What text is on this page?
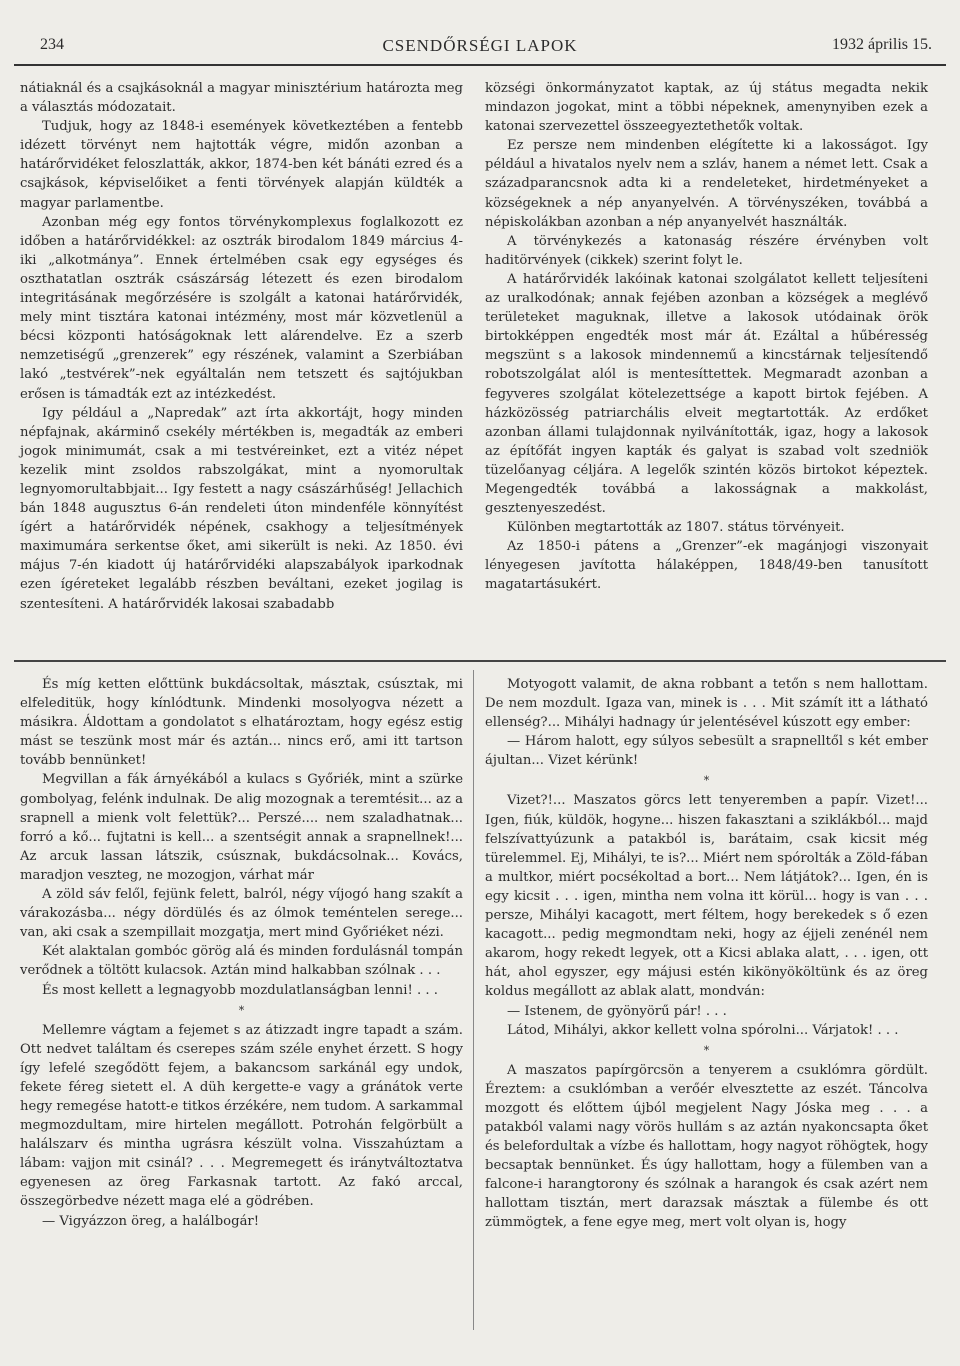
234	CSENDŐRSÉGI LAPOK	1932 április 15.

nátiaknál és a csajkásoknál a magyar minisztérium határozta meg a választás módozatait.

Tudjuk, hogy az 1848-i események következtében a fentebb idézett törvényt nem hajtották végre, midőn azonban a határőrvidéket feloszlatták, akkor, 1874-ben két bánáti ezred és a csajkások, képviselőiket a fenti törvények alapján küldték a magyar parlamentbe.

Azonban még egy fontos törvénykomplexus foglalkozott ez időben a határőrvidékkel: az osztrák birodalom 1849 március 4-iki „alkotmánya”. Ennek értelmében csak egy egységes és oszthatatlan osztrák császárság létezett és ezen birodalom integritásának megőrzésére is szolgált a katonai határőrvidék, mely mint tisztára katonai intézmény, most már közvetlenül a bécsi központi hatóságoknak lett alárendelve. Ez a szerb nemzetiségű „grenzerek” egy részének, valamint a Szerbiában lakó „testvérek”-nek egyáltalán nem tetszett és sajtójukban erősen is támadták ezt az intézkedést.

Igy például a „Napredak” azt írta akkortájt, hogy minden népfajnak, akárminő csekély mértékben is, megadták az emberi jogok minimumát, csak a mi testvéreinket, ezt a vitéz népet kezelik mint zsoldos rabszolgákat, mint a nyomorultak legnyomorultabbjait... Igy festett a nagy császárhűség! Jellachich bán 1848 augusztus 6-án rendeleti úton mindenféle könnyítést ígért a határőrvidék népének, csakhogy a teljesítmények maximumára serkentse őket, ami sikerült is neki. Az 1850. évi május 7-én kiadott új határőrvidéki alapszabályok iparkodnak ezen ígéreteket legalább részben beváltani, ezeket jogilag is szentesíteni. A határőrvidék lakosai szabadabb

községi önkormányzatot kaptak, az új státus megadta nekik mindazon jogokat, mint a többi népeknek, amenynyiben ezek a katonai szervezettel összeegyeztethetők voltak.

Ez persze nem mindenben elégítette ki a lakosságot. Igy például a hivatalos nyelv nem a szláv, hanem a német lett. Csak a századparancsnok adta ki a rendeleteket, hirdetményeket a községeknek a nép anyanyelvén. A törvényszéken, továbbá a népiskolákban azonban a nép anyanyelvét használták.

A törvénykezés a katonaság részére érvényben volt haditörvények (cikkek) szerint folyt le.

A határőrvidék lakóinak katonai szolgálatot kellett teljesíteni az uralkodónak; annak fejében azonban a községek a meglévő területeket maguknak, illetve a lakosok utódainak örök birtokképpen engedték most már át. Ezáltal a hűbéresség megszünt s a lakosok mindennemű a kincstárnak teljesítendő robotszolgálat alól is mentesíttettek. Megmaradt azonban a fegyveres szolgálat kötelezettsége a kapott birtok fejében. A házközösség patriarchális elveit megtartották. Az erdőket azonban állami tulajdonnak nyilvánították, igaz, hogy a lakosok az építőfát ingyen kapták és galyat is szabad volt szedniök tüzelőanyag céljára. A legelők szintén közös birtokot képeztek. Megengedték továbbá a lakosságnak a makkolást, gesztenyeszedést.

Különben megtartották az 1807. státus törvényeit.

Az 1850-i pátens a „Grenzer”-ek magánjogi viszonyait lényegesen javította hálaképpen, 1848/49-ben tanusított magatartásukért.

És míg ketten előttünk bukdácsoltak, másztak, csúsztak, mi elfeleditük, hogy kínlódtunk. Mindenki mosolyogva nézett a másikra. Áldottam a gondolatot s elhatároztam, hogy egész estig mást se teszünk most már és aztán... nincs erő, ami itt tartson tovább bennünket!

Megvillan a fák árnyékából a kulacs s Győriék, mint a szürke gombolyag, felénk indulnak. De alig mozognak a teremtésit... az a srapnell a mienk volt felettük?... Perszé.... nem szaladhatnak... forró a kő... fujtatni is kell... a szentségit annak a srapnellnek!... Az arcuk lassan látszik, csúsznak, bukdácsolnak... Kovács, maradjon veszteg, ne mozogjon, várhat már

A zöld sáv felől, fejünk felett, balról, négy víjogó hang szakít a várakozásba... négy dördülés és az ólmok teméntelen serege... van, aki csak a szempillait mozgatja, mert mind Győriéket nézi.

Két alaktalan gombóc görög alá és minden fordulásnál tompán verődnek a töltött kulacsok. Aztán mind halkabban szólnak . . .

És most kellett a legnagyobb mozdulatlanságban lenni! . . .

*

Mellemre vágtam a fejemet s az átizzadt ingre tapadt a szám. Ott nedvet találtam és cserepes szám széle enyhet érzett. S hogy így lefelé szegődött fejem, a bakancsom sarkánál egy undok, fekete féreg sietett el. A düh kergette-e vagy a gránátok verte hegy remegése hatott-e titkos érzékére, nem tudom. A sarkammal megmozdultam, mire hirtelen megállott. Potrohán felgörbült a halálszarv és mintha ugrásra készült volna. Visszahúztam a lábam: vajjon mit csinál? . . . Megremegett és iránytváltoztatva egyenesen az öreg Farkasnak tartott. Az fakó arccal, összegörbedve nézett maga elé a gödrében.

— Vigyázzon öreg, a halálbogár!

Motyogott valamit, de akna robbant a tetőn s nem hallottam. De nem mozdult. Igaza van, minek is . . . Mit számít itt a látható ellenség?... Mihályi hadnagy úr jelentésével kúszott egy ember:

— Három halott, egy súlyos sebesült a srapnelltől s két ember ájultan... Vizet kérünk!

*

Vizet?!... Maszatos görcs lett tenyeremben a papír. Vizet!... Igen, fiúk, küldök, hogyne... hiszen fakasztani a sziklákból... majd felszívattyúzunk a patakból is, barátaim, csak kicsit még türelemmel. Ej, Mihályi, te is?... Miért nem spórolták a Zöld-fában a multkor, miért pocsékoltad a bort... Nem látjátok?... Igen, én is egy kicsit . . . igen, mintha nem volna itt körül... hogy is van . . . persze, Mihályi kacagott, mert féltem, hogy berekedek s ő ezen kacagott... pedig megmondtam neki, hogy az éjjeli zenénél nem akarom, hogy rekedt legyek, ott a Kicsi ablaka alatt, . . . igen, ott hát, ahol egyszer, egy májusi estén kikönyököltünk és az öreg koldus megállott az ablak alatt, mondván:

— Istenem, de gyönyörű pár! . . .

Látod, Mihályi, akkor kellett volna spórolni... Várjatok! . . .

*

A maszatos papírgörcsön a tenyerem a csuklómra gördült. Éreztem: a csuklómban a verőér elvesztette az eszét. Táncolva mozgott és előttem újból megjelent Nagy Jóska meg . . . a patakból valami nagy vörös hullám s az aztán nyakoncsapta őket és belefordultak a vízbe és hallottam, hogy nagyot röhögtek, hogy becsaptak bennünket. És úgy hallottam, hogy a fülemben van a falcone-i harangtorony és szólnak a harangok és csak azért nem hallottam tisztán, mert darazsak másztak a fülembe és ott zümmögtek, a fene egye meg, mert volt olyan is, hogy
